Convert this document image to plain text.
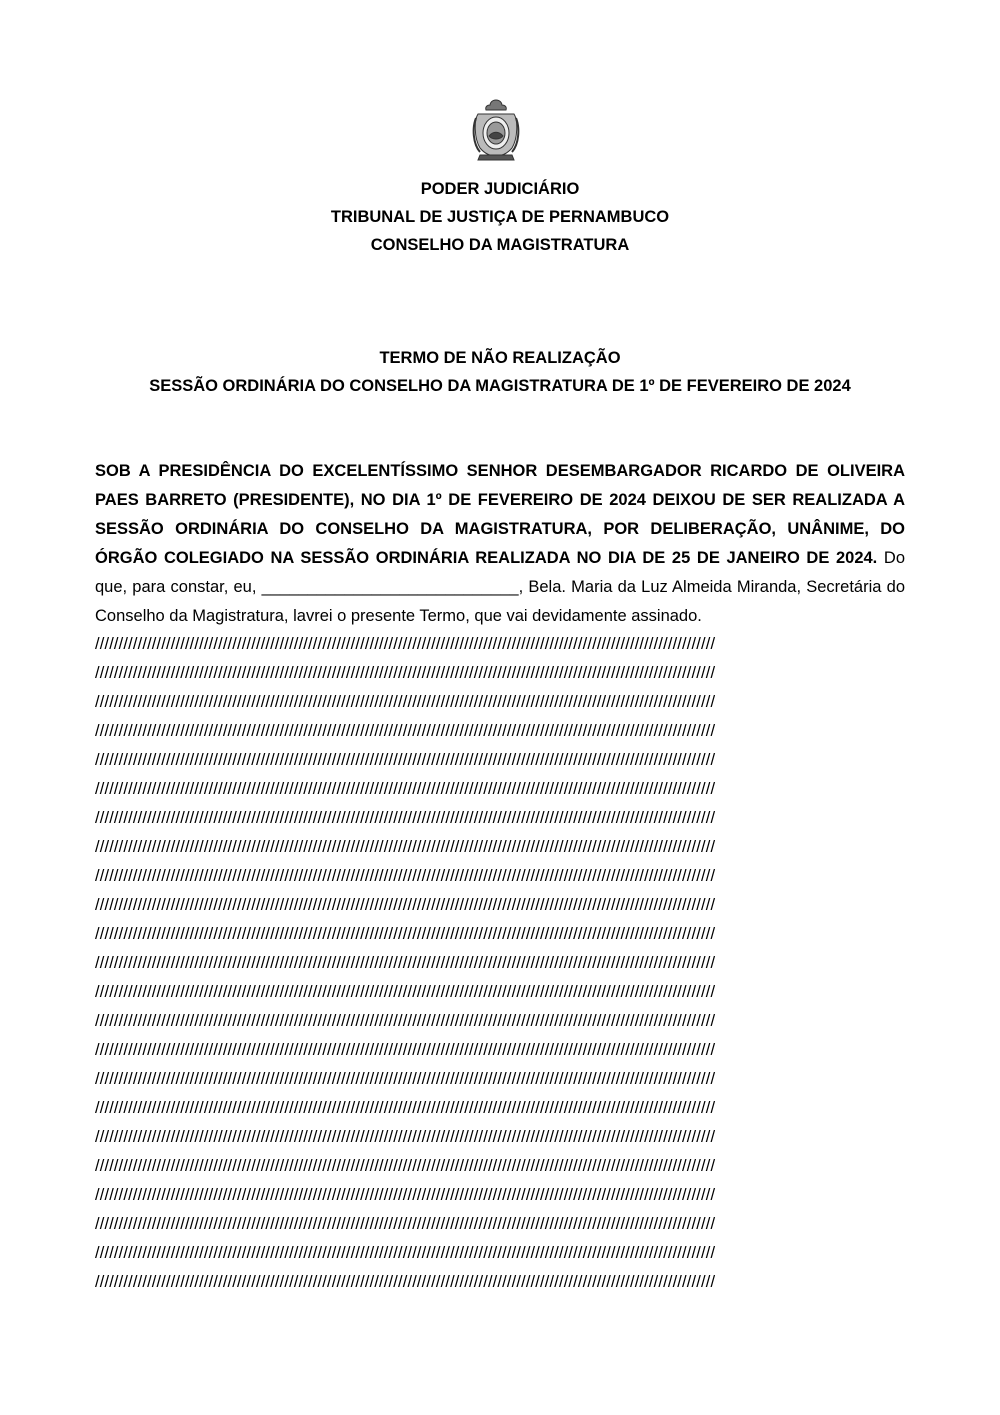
PODER JUDICIÁRIO
TRIBUNAL DE JUSTIÇA DE PERNAMBUCO
CONSELHO DA MAGISTRATURA
TERMO DE NÃO REALIZAÇÃO
SESSÃO ORDINÁRIA DO CONSELHO DA MAGISTRATURA DE 1º DE FEVEREIRO DE 2024
SOB A PRESIDÊNCIA DO EXCELENTÍSSIMO SENHOR DESEMBARGADOR RICARDO DE OLIVEIRA PAES BARRETO (PRESIDENTE), NO DIA 1º DE FEVEREIRO DE 2024 DEIXOU DE SER REALIZADA A SESSÃO ORDINÁRIA DO CONSELHO DA MAGISTRATURA, POR DELIBERAÇÃO, UNÂNIME, DO ÓRGÃO COLEGIADO NA SESSÃO ORDINÁRIA REALIZADA NO DIA DE 25 DE JANEIRO DE 2024. Do que, para constar, eu, ____________________________, Bela. Maria da Luz Almeida Miranda, Secretária do Conselho da Magistratura, lavrei o presente Termo, que vai devidamente assinado.
///////////////////////////////////////////////////////////////////////////////////////////////////////////////////////////////////
///////////////////////////////////////////////////////////////////////////////////////////////////////////////////////////////////
///////////////////////////////////////////////////////////////////////////////////////////////////////////////////////////////////
///////////////////////////////////////////////////////////////////////////////////////////////////////////////////////////////////
///////////////////////////////////////////////////////////////////////////////////////////////////////////////////////////////////
///////////////////////////////////////////////////////////////////////////////////////////////////////////////////////////////////
///////////////////////////////////////////////////////////////////////////////////////////////////////////////////////////////////
///////////////////////////////////////////////////////////////////////////////////////////////////////////////////////////////////
///////////////////////////////////////////////////////////////////////////////////////////////////////////////////////////////////
///////////////////////////////////////////////////////////////////////////////////////////////////////////////////////////////////
///////////////////////////////////////////////////////////////////////////////////////////////////////////////////////////////////
///////////////////////////////////////////////////////////////////////////////////////////////////////////////////////////////////
///////////////////////////////////////////////////////////////////////////////////////////////////////////////////////////////////
///////////////////////////////////////////////////////////////////////////////////////////////////////////////////////////////////
///////////////////////////////////////////////////////////////////////////////////////////////////////////////////////////////////
///////////////////////////////////////////////////////////////////////////////////////////////////////////////////////////////////
///////////////////////////////////////////////////////////////////////////////////////////////////////////////////////////////////
///////////////////////////////////////////////////////////////////////////////////////////////////////////////////////////////////
///////////////////////////////////////////////////////////////////////////////////////////////////////////////////////////////////
///////////////////////////////////////////////////////////////////////////////////////////////////////////////////////////////////
///////////////////////////////////////////////////////////////////////////////////////////////////////////////////////////////////
///////////////////////////////////////////////////////////////////////////////////////////////////////////////////////////////////
///////////////////////////////////////////////////////////////////////////////////////////////////////////////////////////////////
